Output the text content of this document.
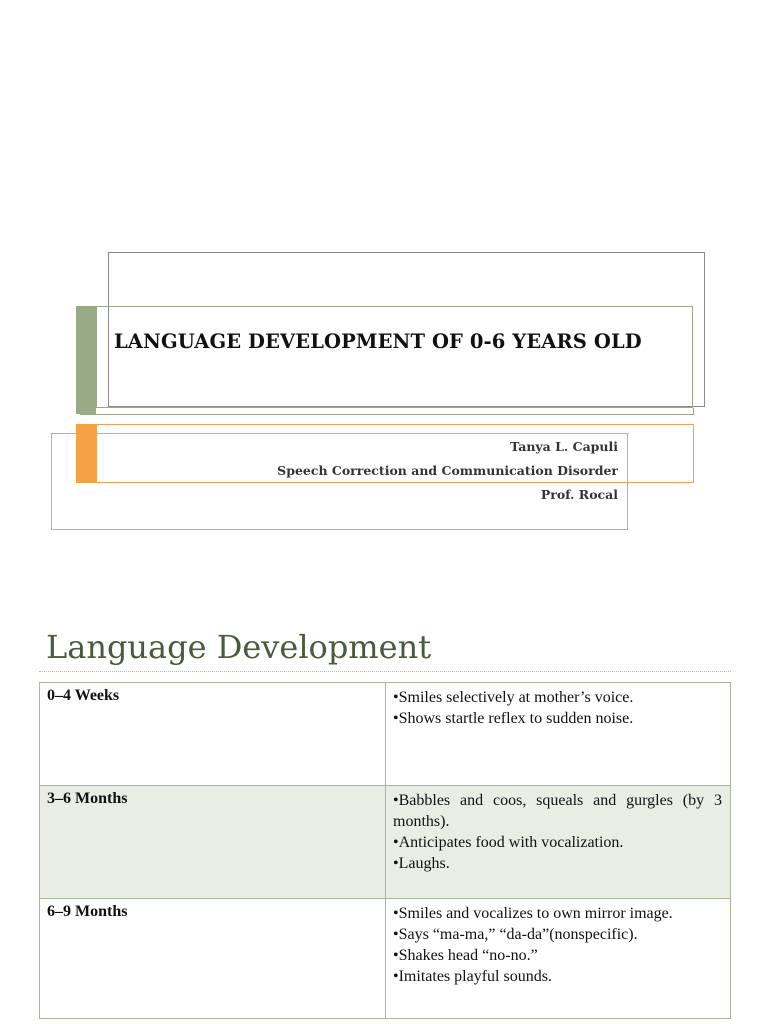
LANGUAGE DEVELOPMENT OF 0-6 YEARS OLD
Tanya L. Capuli
Speech Correction and Communication Disorder
Prof. Rocal
Language Development
0–4 Weeks	•Smiles selectively at mother’s voice.
•Shows startle reflex to sudden noise.

3–6 Months	•Babbles and coos, squeals and gurgles (by 3 months).
•Anticipates food with vocalization.
•Laughs.

6–9 Months	•Smiles and vocalizes to own mirror image.
•Says “ma-ma,” “da-da”(nonspecific).
•Shakes head “no-no.”
•Imitates playful sounds.
